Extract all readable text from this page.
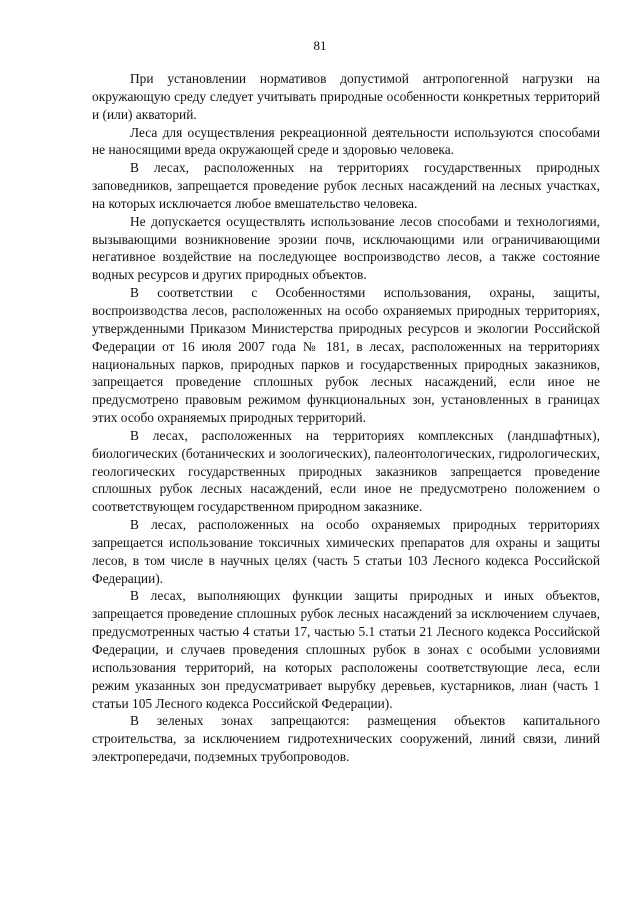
81

При установлении нормативов допустимой антропогенной нагрузки на окружающую среду следует учитывать природные особенности конкретных территорий и (или) акваторий.

Леса для осуществления рекреационной деятельности используются способами не наносящими вреда окружающей среде и здоровью человека.

В лесах, расположенных на территориях государственных природных заповедников, запрещается проведение рубок лесных насаждений на лесных участках, на которых исключается любое вмешательство человека.

Не допускается осуществлять использование лесов способами и технологиями, вызывающими возникновение эрозии почв, исключающими или ограничивающими негативное воздействие на последующее воспроизводство лесов, а также состояние водных ресурсов и других природных объектов.

В соответствии с Особенностями использования, охраны, защиты, воспроизводства лесов, расположенных на особо охраняемых природных территориях, утвержденными Приказом Министерства природных ресурсов и экологии Российской Федерации от 16 июля 2007 года № 181, в лесах, расположенных на территориях национальных парков, природных парков и государственных природных заказников, запрещается проведение сплошных рубок лесных насаждений, если иное не предусмотрено правовым режимом функциональных зон, установленных в границах этих особо охраняемых природных территорий.

В лесах, расположенных на территориях комплексных (ландшафтных), биологических (ботанических и зоологических), палеонтологических, гидрологических, геологических государственных природных заказников запрещается проведение сплошных рубок лесных насаждений, если иное не предусмотрено положением о соответствующем государственном природном заказнике.

В лесах, расположенных на особо охраняемых природных территориях запрещается использование токсичных химических препаратов для охраны и защиты лесов, в том числе в научных целях (часть 5 статьи 103 Лесного кодекса Российской Федерации).

В лесах, выполняющих функции защиты природных и иных объектов, запрещается проведение сплошных рубок лесных насаждений за исключением случаев, предусмотренных частью 4 статьи 17, частью 5.1 статьи 21 Лесного кодекса Российской Федерации, и случаев проведения сплошных рубок в зонах с особыми условиями использования территорий, на которых расположены соответствующие леса, если режим указанных зон предусматривает вырубку деревьев, кустарников, лиан (часть 1 статьи 105 Лесного кодекса Российской Федерации).

В зеленых зонах запрещаются: размещения объектов капитального строительства, за исключением гидротехнических сооружений, линий связи, линий электропередачи, подземных трубопроводов.
